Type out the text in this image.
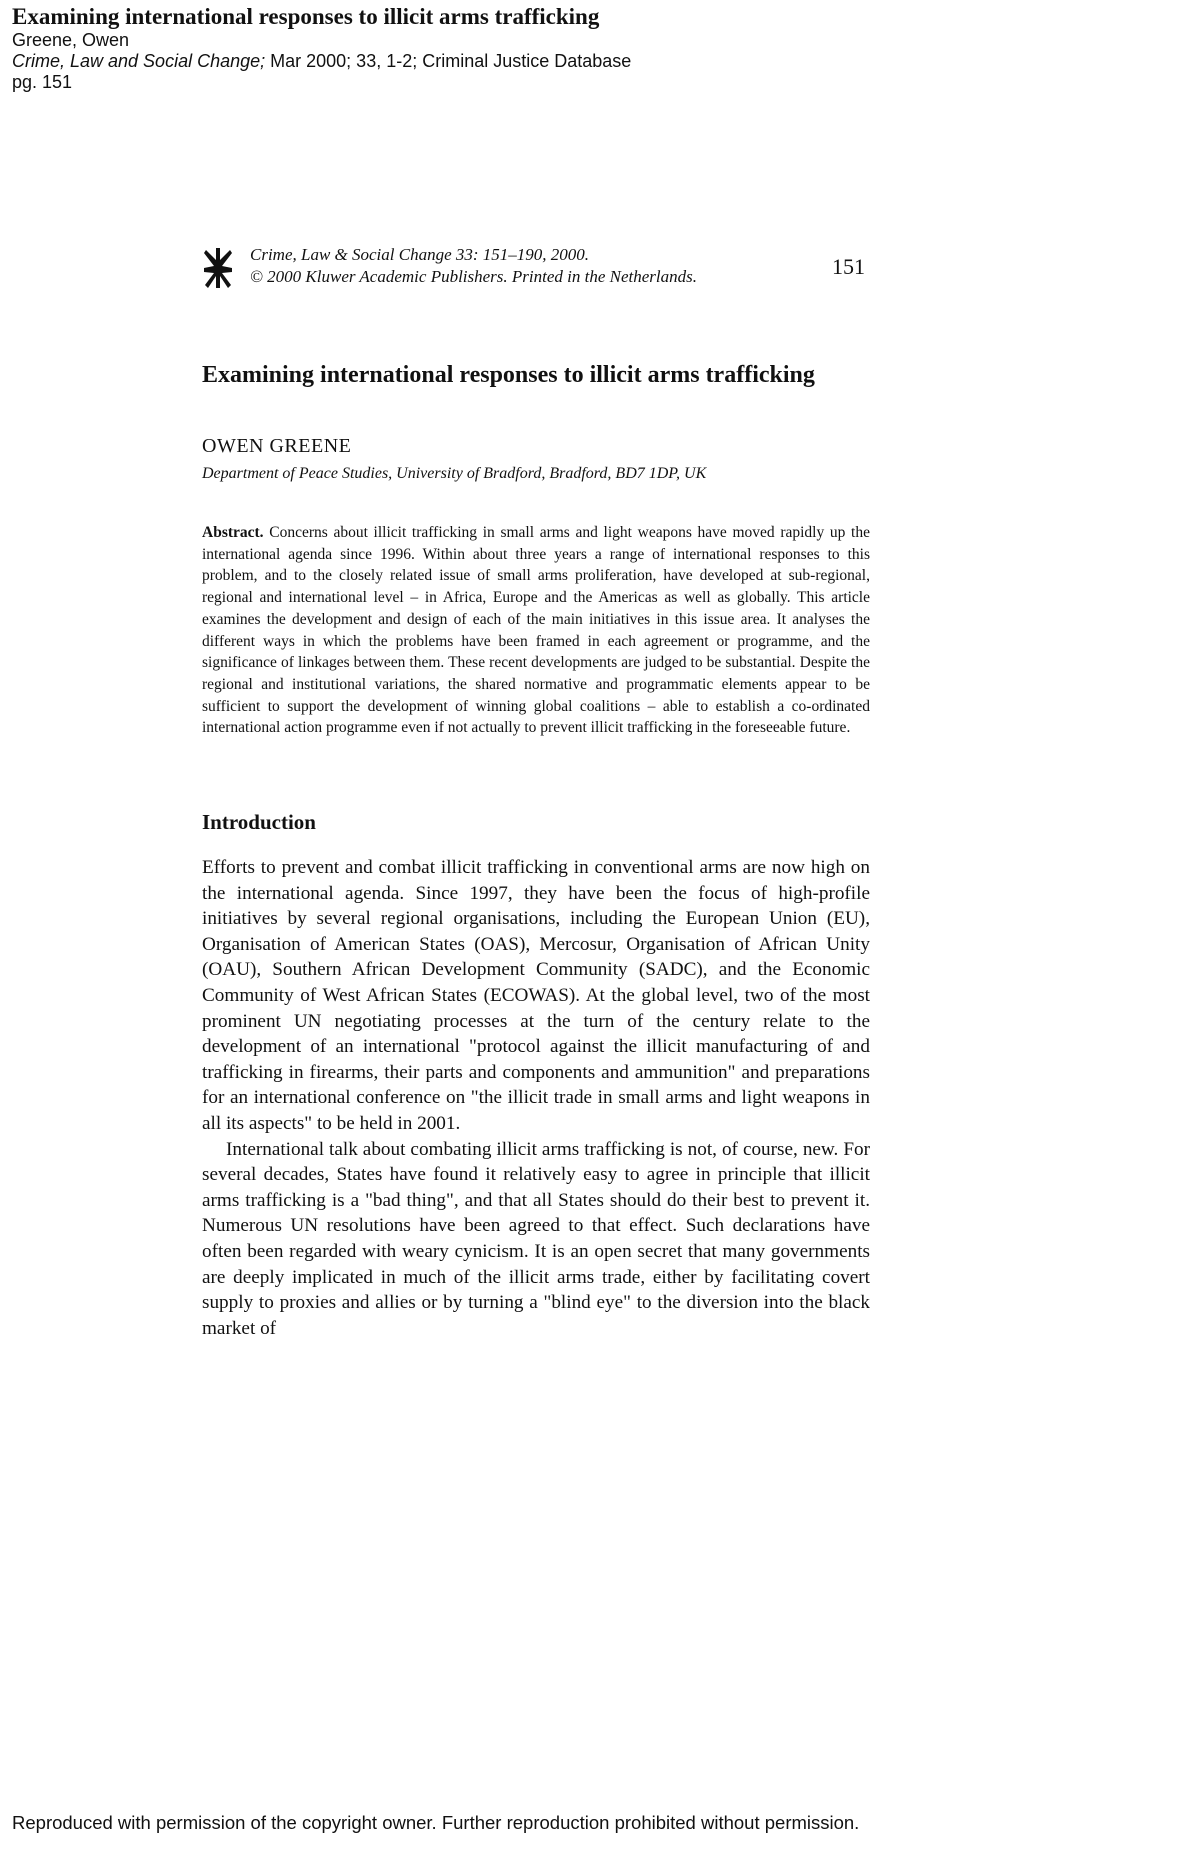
Examining international responses to illicit arms trafficking

Greene, Owen

Crime, Law and Social Change; Mar 2000; 33, 1-2; Criminal Justice Database

pg. 151

Crime, Law & Social Change 33: 151–190, 2000.
© 2000 Kluwer Academic Publishers. Printed in the Netherlands.	151
Examining international responses to illicit arms trafficking

OWEN GREENE

Department of Peace Studies, University of Bradford, Bradford, BD7 1DP, UK

Abstract. Concerns about illicit trafficking in small arms and light weapons have moved rapidly up the international agenda since 1996. Within about three years a range of international responses to this problem, and to the closely related issue of small arms proliferation, have developed at sub-regional, regional and international level – in Africa, Europe and the Americas as well as globally. This article examines the development and design of each of the main initiatives in this issue area. It analyses the different ways in which the problems have been framed in each agreement or programme, and the significance of linkages between them. These recent developments are judged to be substantial. Despite the regional and institutional variations, the shared normative and programmatic elements appear to be sufficient to support the development of winning global coalitions – able to establish a co-ordinated international action programme even if not actually to prevent illicit trafficking in the foreseeable future.

Introduction

Efforts to prevent and combat illicit trafficking in conventional arms are now high on the international agenda. Since 1997, they have been the focus of high-profile initiatives by several regional organisations, including the European Union (EU), Organisation of American States (OAS), Mercosur, Organisation of African Unity (OAU), Southern African Development Community (SADC), and the Economic Community of West African States (ECOWAS). At the global level, two of the most prominent UN negotiating processes at the turn of the century relate to the development of an international "protocol against the illicit manufacturing of and trafficking in firearms, their parts and components and ammunition" and preparations for an international conference on "the illicit trade in small arms and light weapons in all its aspects" to be held in 2001.

International talk about combating illicit arms trafficking is not, of course, new. For several decades, States have found it relatively easy to agree in principle that illicit arms trafficking is a "bad thing", and that all States should do their best to prevent it. Numerous UN resolutions have been agreed to that effect. Such declarations have often been regarded with weary cynicism. It is an open secret that many governments are deeply implicated in much of the illicit arms trade, either by facilitating covert supply to proxies and allies or by turning a "blind eye" to the diversion into the black market of

Reproduced with permission of the copyright owner. Further reproduction prohibited without permission.
